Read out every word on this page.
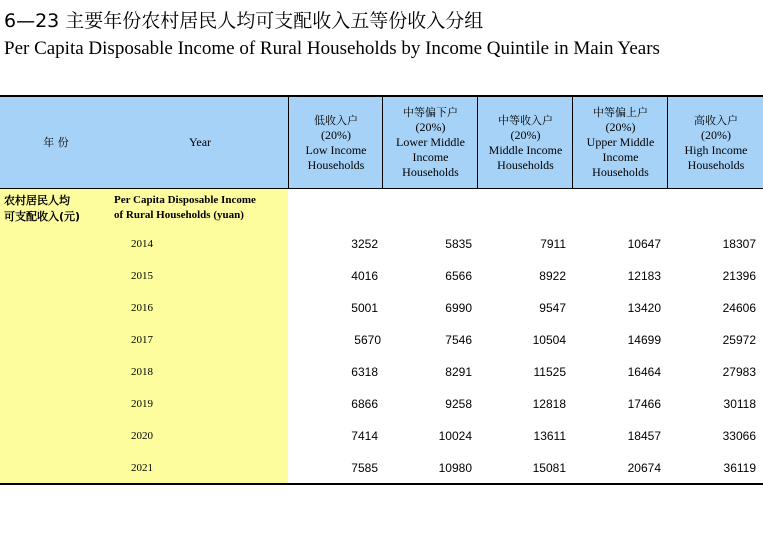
6—23 主要年份农村居民人均可支配收入五等份收入分组
Per Capita Disposable Income of Rural Households by Income Quintile in Main Years
年 份	Year
低收入户
(20%)
Low Income
Households
中等偏下户
(20%)
Lower Middle
Income
Households
中等收入户
(20%)
Middle Income
Households
中等偏上户
(20%)
Upper Middle
Income
Households
高收入户
(20%)
High Income
Households
农村居民人均
可支配收入(元)
Per Capita Disposable Income
of Rural Households (yuan)
2014	3252	5835	7911	10647	18307
2015	4016	6566	8922	12183	21396
2016	5001	6990	9547	13420	24606
2017	5670	7546	10504	14699	25972
2018	6318	8291	11525	16464	27983
2019	6866	9258	12818	17466	30118
2020	7414	10024	13611	18457	33066
2021	7585	10980	15081	20674	36119
